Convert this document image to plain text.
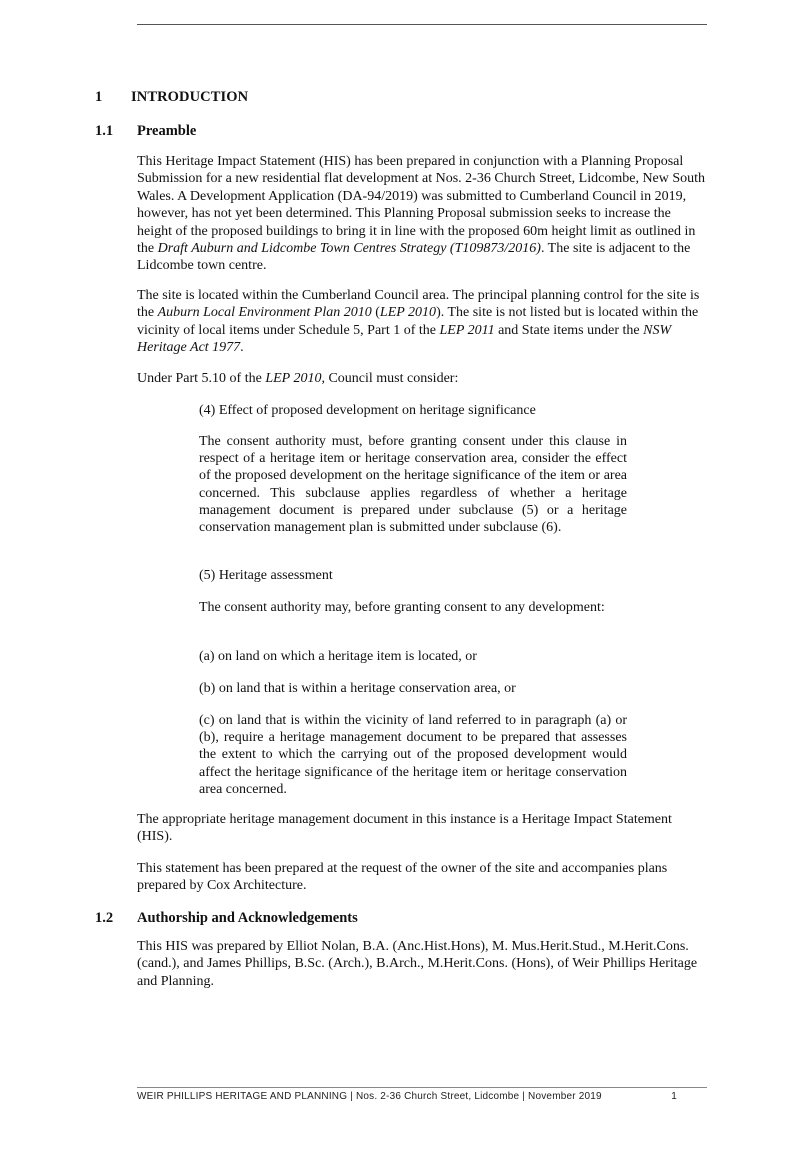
1 INTRODUCTION
1.1 Preamble

This Heritage Impact Statement (HIS) has been prepared in conjunction with a Planning Proposal Submission for a new residential flat development at Nos. 2-36 Church Street, Lidcombe, New South Wales. A Development Application (DA-94/2019) was submitted to Cumberland Council in 2019, however, has not yet been determined. This Planning Proposal submission seeks to increase the height of the proposed buildings to bring it in line with the proposed 60m height limit as outlined in the Draft Auburn and Lidcombe Town Centres Strategy (T109873/2016). The site is adjacent to the Lidcombe town centre.

The site is located within the Cumberland Council area. The principal planning control for the site is the Auburn Local Environment Plan 2010 (LEP 2010). The site is not listed but is located within the vicinity of local items under Schedule 5, Part 1 of the LEP 2011 and State items under the NSW Heritage Act 1977.

Under Part 5.10 of the LEP 2010, Council must consider:

(4) Effect of proposed development on heritage significance

The consent authority must, before granting consent under this clause in respect of a heritage item or heritage conservation area, consider the effect of the proposed development on the heritage significance of the item or area concerned. This subclause applies regardless of whether a heritage management document is prepared under subclause (5) or a heritage conservation management plan is submitted under subclause (6).

(5) Heritage assessment

The consent authority may, before granting consent to any development:

(a) on land on which a heritage item is located, or

(b) on land that is within a heritage conservation area, or

(c) on land that is within the vicinity of land referred to in paragraph (a) or (b), require a heritage management document to be prepared that assesses the extent to which the carrying out of the proposed development would affect the heritage significance of the heritage item or heritage conservation area concerned.

The appropriate heritage management document in this instance is a Heritage Impact Statement (HIS).

This statement has been prepared at the request of the owner of the site and accompanies plans prepared by Cox Architecture.

1.2 Authorship and Acknowledgements

This HIS was prepared by Elliot Nolan, B.A. (Anc.Hist.Hons), M. Mus.Herit.Stud., M.Herit.Cons. (cand.), and James Phillips, B.Sc. (Arch.), B.Arch., M.Herit.Cons. (Hons), of Weir Phillips Heritage and Planning.

WEIR PHILLIPS HERITAGE AND PLANNING | Nos. 2-36 Church Street, Lidcombe | November 2019	1
